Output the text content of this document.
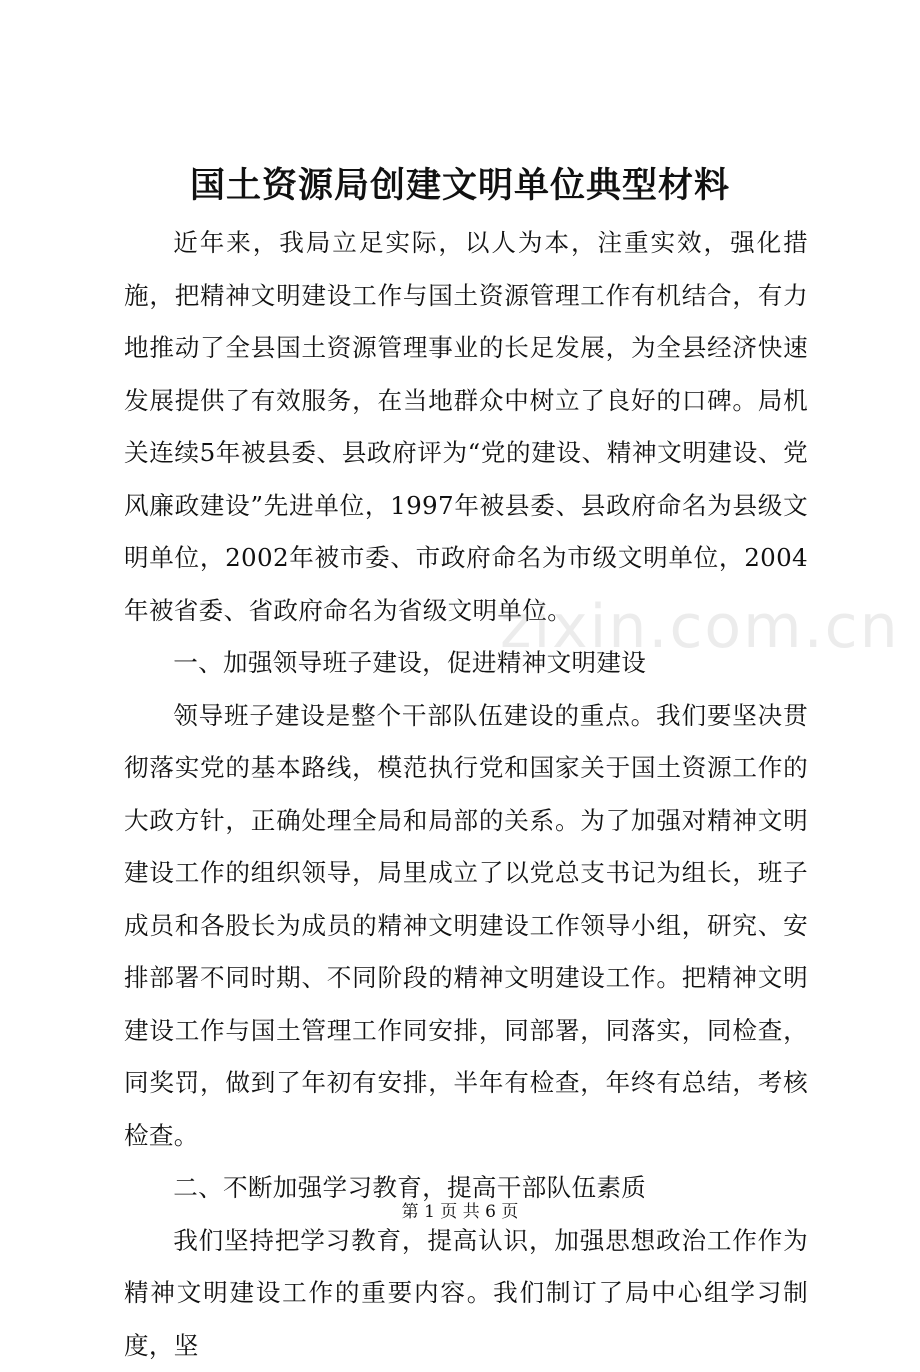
国土资源局创建文明单位典型材料

近年来，我局立足实际，以人为本，注重实效，强化措施，把精神文明建设工作与国土资源管理工作有机结合，有力地推动了全县国土资源管理事业的长足发展，为全县经济快速发展提供了有效服务，在当地群众中树立了良好的口碑。局机关连续5年被县委、县政府评为“党的建设、精神文明建设、党风廉政建设”先进单位，1997年被县委、县政府命名为县级文明单位，2002年被市委、市政府命名为市级文明单位，2004年被省委、省政府命名为省级文明单位。

一、加强领导班子建设，促进精神文明建设

领导班子建设是整个干部队伍建设的重点。我们要坚决贯彻落实党的基本路线，模范执行党和国家关于国土资源工作的大政方针，正确处理全局和局部的关系。为了加强对精神文明建设工作的组织领导，局里成立了以党总支书记为组长，班子成员和各股长为成员的精神文明建设工作领导小组，研究、安排部署不同时期、不同阶段的精神文明建设工作。把精神文明建设工作与国土管理工作同安排，同部署，同落实，同检查，同奖罚，做到了年初有安排，半年有检查，年终有总结，考核检查。

二、不断加强学习教育，提高干部队伍素质

我们坚持把学习教育，提高认识，加强思想政治工作作为精神文明建设工作的重要内容。我们制订了局中心组学习制度，坚

zixin.com.cn
第 1 页 共 6 页
